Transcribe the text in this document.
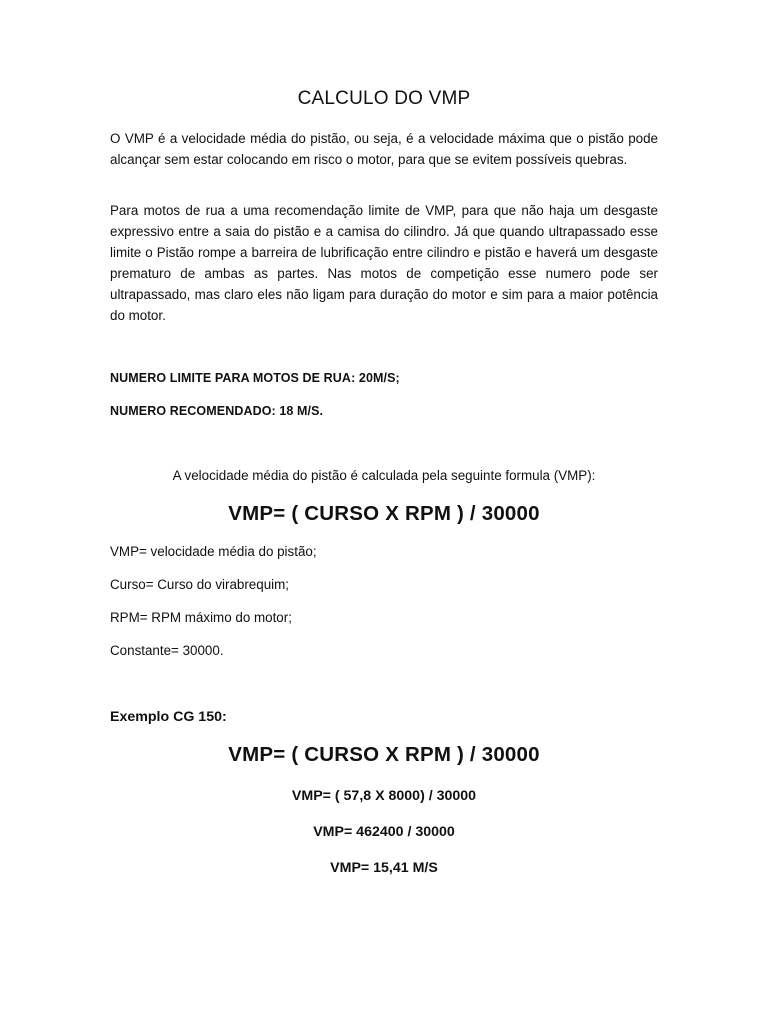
CALCULO DO VMP

O VMP é a velocidade média do pistão, ou seja, é a velocidade máxima que o pistão pode alcançar sem estar colocando em risco o motor, para que se evitem possíveis quebras.

Para motos de rua a uma recomendação limite de VMP, para que não haja um desgaste expressivo entre a saia do pistão e a camisa do cilindro. Já que quando ultrapassado esse limite o Pistão rompe a barreira de lubrificação entre cilindro e pistão e haverá um desgaste prematuro de ambas as partes. Nas motos de competição esse numero pode ser ultrapassado, mas claro eles não ligam para duração do motor e sim para a maior potência do motor.

NUMERO LIMITE PARA MOTOS DE RUA: 20M/S;

NUMERO RECOMENDADO: 18 M/S.

A velocidade média do pistão é calculada pela seguinte formula (VMP):

VMP= ( CURSO X RPM ) / 30000

VMP= velocidade média do pistão;

Curso= Curso do virabrequim;

RPM= RPM máximo do motor;

Constante= 30000.

Exemplo CG 150:

VMP= ( CURSO X RPM ) / 30000

VMP= ( 57,8 X 8000) / 30000

VMP= 462400 / 30000

VMP= 15,41 M/S
